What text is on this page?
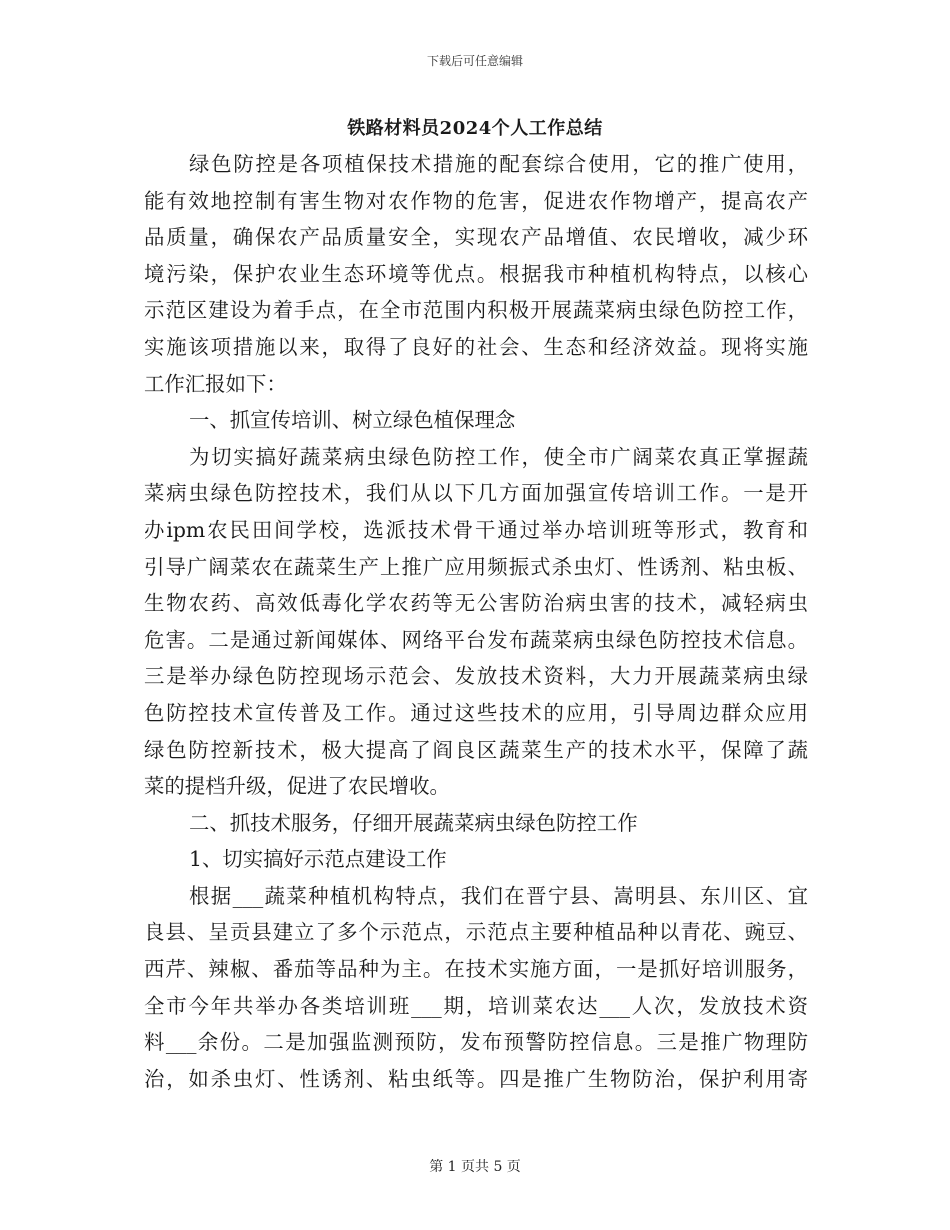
下载后可任意编辑
铁路材料员2024个人工作总结
绿色防控是各项植保技术措施的配套综合使用，它的推广使用，
能有效地控制有害生物对农作物的危害，促进农作物增产，提高农产
品质量，确保农产品质量安全，实现农产品增值、农民增收，减少环
境污染，保护农业生态环境等优点。根据我市种植机构特点，以核心
示范区建设为着手点，在全市范围内积极开展蔬菜病虫绿色防控工作，
实施该项措施以来，取得了良好的社会、生态和经济效益。现将实施
工作汇报如下：
一、抓宣传培训、树立绿色植保理念
为切实搞好蔬菜病虫绿色防控工作，使全市广阔菜农真正掌握蔬
菜病虫绿色防控技术，我们从以下几方面加强宣传培训工作。一是开
办ipm农民田间学校，选派技术骨干通过举办培训班等形式，教育和
引导广阔菜农在蔬菜生产上推广应用频振式杀虫灯、性诱剂、粘虫板、
生物农药、高效低毒化学农药等无公害防治病虫害的技术，减轻病虫
危害。二是通过新闻媒体、网络平台发布蔬菜病虫绿色防控技术信息。
三是举办绿色防控现场示范会、发放技术资料，大力开展蔬菜病虫绿
色防控技术宣传普及工作。通过这些技术的应用，引导周边群众应用
绿色防控新技术，极大提高了阎良区蔬菜生产的技术水平，保障了蔬
菜的提档升级，促进了农民增收。
二、抓技术服务，仔细开展蔬菜病虫绿色防控工作
1、切实搞好示范点建设工作
根据___蔬菜种植机构特点，我们在晋宁县、嵩明县、东川区、宜
良县、呈贡县建立了多个示范点，示范点主要种植品种以青花、豌豆、
西芹、辣椒、番茄等品种为主。在技术实施方面，一是抓好培训服务，
全市今年共举办各类培训班___期，培训菜农达___人次，发放技术资
料___余份。二是加强监测预防，发布预警防控信息。三是推广物理防
治，如杀虫灯、性诱剂、粘虫纸等。四是推广生物防治，保护利用寄
第 1 页共 5 页
